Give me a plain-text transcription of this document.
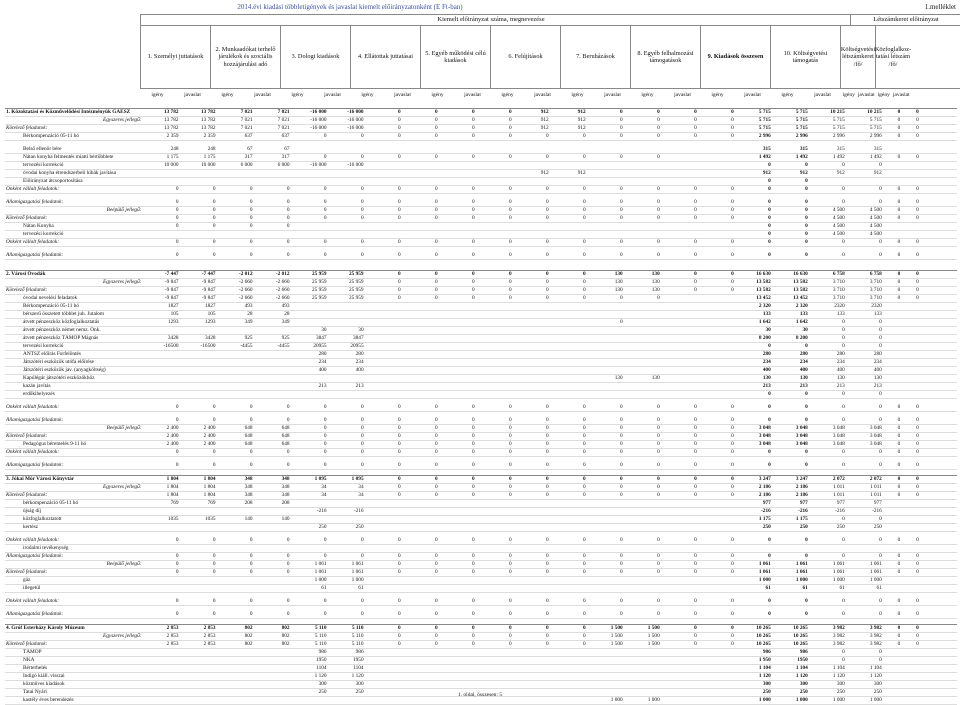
2014.évi kiadási többletigények és javaslat kiemelt előirányzatonként (E Ft-ban)	1.melléklet
Kiemelt előirányzat száma, megnevezése	Létszámkeret előirányzat
1. Személyi juttatások
2. Munkaadókat terhelő járulékok és szociális hozzájárulási adó
3. Dologi kiadások	4. Ellátottak juttatásai
5. Egyéb működési célú kiadások
6. Felújítások	7. Beruházások
8. Egyéb felhalmozási támogatások
9. Kiadások összesen
10. Költségvetési támogatás
Költségvetési létszámkeret /fő/
Közfoglalkoz-tatási létszám /fő/
igény	javaslat	igény	javaslat	igény	javaslat	igény	javaslat	igény	javaslat	igény	javaslat	igény	javaslat	igény	javaslat	igény	javaslat	igény	javaslat	igény javaslat igény javaslat
1. Közoktatási és Közművelődési Intézményük GAESZ	13 782	13 782	7 021	7 021	-16 000	-16 000	0	0	0	0	912	912	0	0	0	0	5 715	5 715	10 215	10 215	0	0		
Egyszeres jellegű:	13 782	13 782	7 021	7 021	-16 000	-16 000	0	0	0	0	912	912	0	0	0	0	5 715	5 715	5 715	5 715	0	0		
Kötelező feladatok:	13 782	13 782	7 021	7 021	-16 000	-16 000	0	0	0	0	912	912	0	0	0	0	5 715	5 715	5 715	5 715	0	0		
Bérkompenzáció 05-11 hó	2 359	2 359	637	637	0	0	0	0	0	0	0	0	0	0	0	0	2 996	2 996	2 996	2 996	0	0		

Belső ellenőr bére	248	248	67	67													315	315	315	315				
Nátan konyha felmentés miatti bértöbblete	1 175	1 175	317	317	0	0	0	0	0	0	0	0	0	0			1 492	1 492	1 492	1 492	0	0		
tervezési korrekció	10 000	10 000	6 000	6 000	-16 000	-16 000											0	0	0	0				
óvodai konyha étrendszerbeli hibák javítása											912	912					912	912	912	912				
Előirányzat átcsoportosítása																	0	0						
Önként vállalt feladatok:	0	0	0	0	0	0	0	0	0	0	0	0	0	0	0	0	0	0	0	0	0	0		

Államigazgatási feladatok:	0	0	0	0	0	0	0	0	0	0	0	0	0	0	0	0	0	0	0	0	0	0		
Beépülő jellegű:	0	0	0	0	0	0	0	0	0	0	0	0	0	0	0	0	0	0	4 500	4 500	0	0		
Kötelező feladatok:	0	0	0	0	0	0	0	0	0	0	0	0	0	0	0	0	0	0	4 500	4 500	0	0		
Nátan Konyha	0	0	0	0													0	0	4 500	4 500				
tervezési korrekció																	0	0	4 500	4 500				
Önként vállalt feladatok:	0	0	0	0	0	0	0	0	0	0	0	0	0	0	0	0	0	0	0	0	0	0		

Államigazgatási feladatok:	0	0	0	0	0	0	0	0	0	0	0	0	0	0	0	0	0	0	0	0	0	0		

2. Városi Óvodák	-7 447	-7 447	-2 012	-2 012	25 959	25 959	0	0	0	0	0	0	130	130	0	0	16 630	16 630	6 758	6 758	0	0		
Egyszeres jellegű:	-9 847	-9 847	-2 660	-2 660	25 959	25 959	0	0	0	0	0	0	130	130	0	0	13 582	13 582	3 710	3 710	0	0		
Kötelező feladatok:	-9 847	-9 847	-2 660	-2 660	25 959	25 959	0	0	0	0	0	0	130	130	0	0	13 582	13 582	3 710	3 710	0	0		
óvodai nevelési feladatok	-9 847	-9 847	-2 660	-2 660	25 959	25 959	0	0	0	0	0	0	0	0			13 452	13 452	3 710	3 710	0	0		
Bérkompenzáció 05-11 hó	1827	1827	493	493													2 320	2 320	2320	2320				
bérszerű összetett többlet juh. Jutalom	105	105	28	28													133	133	133	133				
átvett pénzeszköz közfoglalkoztatás	1293	1293	349	349									0				1 642	1 642	0	0				
átvett pénzeszköz német nemz. Önk.					30	30											30	30	0	0				
átvett pénzeszköz TÁMOP Mágnás	3428	3428	925	925	3847	3847											8 200	8 200	0	0				
tervezési korrekció	-16500	-16500	-4455	-4455	20955	20955											0	0	0	0				
ANTSZ előírás Forfelöntés					280	280											280	280	280	280				
Játszótéri eszközök utófa előírése					234	234											234	234	234	234				
Játszótéri eszközök jav. (anyagköltség)					400	400											400	400	400	400				
Kapúlégár játszótéri eszközökhöz													130	130			130	130	130	130				
kazán javítás					213	213											213	213	213	213				
erdőkihelyezés																	0	0	0	0				

Önként vállalt feladatok:	0	0	0	0	0	0	0	0	0	0	0	0	0	0	0	0	0	0	0	0	0	0		

Államigazgatási feladatok:	0	0	0	0	0	0	0	0	0	0	0	0	0	0	0	0	0	0	0	0	0	0		
Beépülő jellegű:	2 400	2 400	648	648	0	0	0	0	0	0	0	0	0	0	0	0	3 048	3 048	3 048	3 048	0	0		
Kötelező feladatok:	2 400	2 400	648	648	0	0	0	0	0	0	0	0	0	0	0	0	3 048	3 048	3 048	3 048	0	0		
Pedagógus béremelés 9-11 hó	2 400	2 400	648	648	0	0	0	0	0	0	0	0	0	0	0	0	3 048	3 048	3 048	3 048	0	0		
Önként vállalt feladatok:	0	0	0	0	0	0	0	0	0	0	0	0	0	0	0	0	0	0	0	0	0	0		

Államigazgatási feladatok:	0	0	0	0	0	0	0	0	0	0	0	0	0	0	0	0	0	0	0	0	0	0		

3. Jókai Mór Városi Könyvtár	1 804	1 804	348	348	1 095	1 095	0	0	0	0	0	0	0	0	0	0	3 247	3 247	2 072	2 072	0	0		
Egyszeres jellegű:	1 804	1 804	348	348	34	34	0	0	0	0	0	0	0	0	0	0	2 186	2 186	1 011	1 011	0	0		
Kötelező feladatok:	1 804	1 804	348	348	34	34	0	0	0	0	0	0	0	0	0	0	2 186	2 186	1 011	1 011	0	0		
bérkompenzáció 05-11 hó	769	769	208	208													977	977	977	977				
újság díj					-216	-216											-216	-216	-216	-216				
közfoglalkoztatott	1035	1035	140	140													1 175	1 175	0	0				
kertész					250	250											250	250	250	250				

Önként vállalt feladatok:	0	0	0	0	0	0	0	0	0	0	0	0	0	0	0	0	0	0	0	0	0	0		
irodalmi tevékenység																								
Államigazgatási feladatok:	0	0	0	0	0	0	0	0	0	0	0	0	0	0	0	0	0	0	0	0	0	0		
Beépülő jellegű:	0	0	0	0	1 061	1 061	0	0	0	0	0	0	0	0	0	0	1 061	1 061	1 061	1 061	0	0		
Kötelező feladatok:	0	0	0	0	1 061	1 061	0	0	0	0	0	0	0	0	0	0	1 061	1 061	1 061	1 061	0	0		
gáz					1 000	1 000											1 000	1 000	1 000	1 000				
illegetül					61	61											61	61	61	61				

Önként vállalt feladatok:	0	0	0	0	0	0	0	0	0	0	0	0	0	0	0	0	0	0	0	0	0	0		

Államigazgatási feladatok:	0	0	0	0	0	0	0	0	0	0	0	0	0	0	0	0	0	0	0	0	0	0		

4. Gróf Esterházy Károly Múzeum	2 853	2 853	802	802	5 110	5 110	0	0	0	0	0	0	1 500	1 500	0	0	10 265	10 265	3 982	3 982	0	0		
Egyszeres jellegű:	2 853	2 853	802	802	5 110	5 110	0	0	0	0	0	0	1 500	1 500	0	0	10 265	10 265	3 982	3 982	0	0		
Kötelező feladatok:	2 853	2 853	802	802	5 110	5 110	0	0	0	0	0	0	1 500	1 500	0	0	10 265	10 265	3 982	3 982	0	0		
TÁMOP					986	986											986	986	0	0				
NKA					1950	1950											1 950	1950	0	0				
Bérterhelés					1104	1104											1 104	1 104	1 104	1 104				
Indigó kiáll. visszai					1 120	1 120											1 120	1 120	1 120	1 120				
közműves kiadások					300	300											300	300	300	300				
Tatai Nyári					250	250											250	250	250	250				
kastély éves berendezés													1 000	1 000			1 000	1 000	1 000	1 000				
1. oldal, összesen: 5
